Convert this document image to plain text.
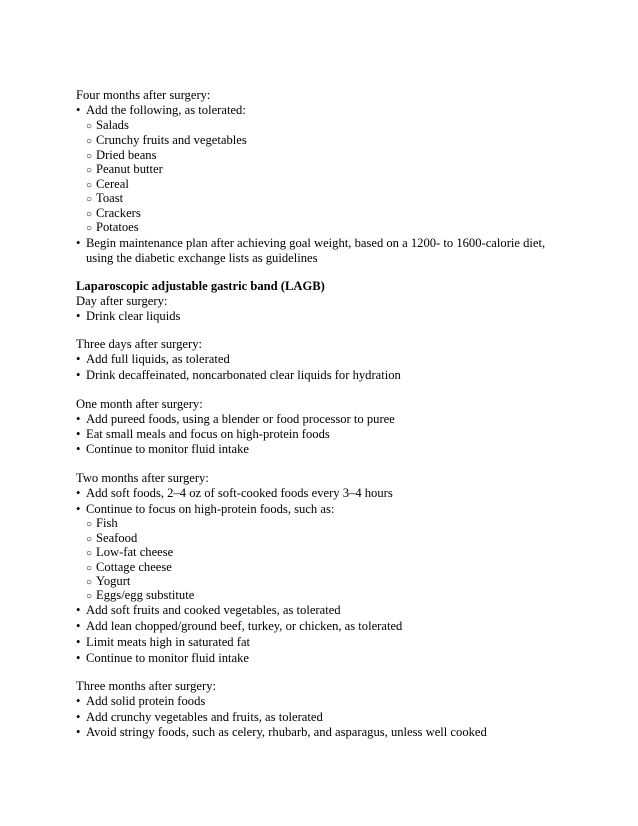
Four months after surgery:
• Add the following, as tolerated:
○ Salads
○ Crunchy fruits and vegetables
○ Dried beans
○ Peanut butter
○ Cereal
○ Toast
○ Crackers
○ Potatoes
• Begin maintenance plan after achieving goal weight, based on a 1200- to 1600-calorie diet,
using the diabetic exchange lists as guidelines
Laparoscopic adjustable gastric band (LAGB)
Day after surgery:
• Drink clear liquids
Three days after surgery:
• Add full liquids, as tolerated
• Drink decaffeinated, noncarbonated clear liquids for hydration
One month after surgery:
• Add pureed foods, using a blender or food processor to puree
• Eat small meals and focus on high-protein foods
• Continue to monitor fluid intake
Two months after surgery:
• Add soft foods, 2–4 oz of soft-cooked foods every 3–4 hours
• Continue to focus on high-protein foods, such as:
○ Fish
○ Seafood
○ Low-fat cheese
○ Cottage cheese
○ Yogurt
○ Eggs/egg substitute
• Add soft fruits and cooked vegetables, as tolerated
• Add lean chopped/ground beef, turkey, or chicken, as tolerated
• Limit meats high in saturated fat
• Continue to monitor fluid intake
Three months after surgery:
• Add solid protein foods
• Add crunchy vegetables and fruits, as tolerated
• Avoid stringy foods, such as celery, rhubarb, and asparagus, unless well cooked
